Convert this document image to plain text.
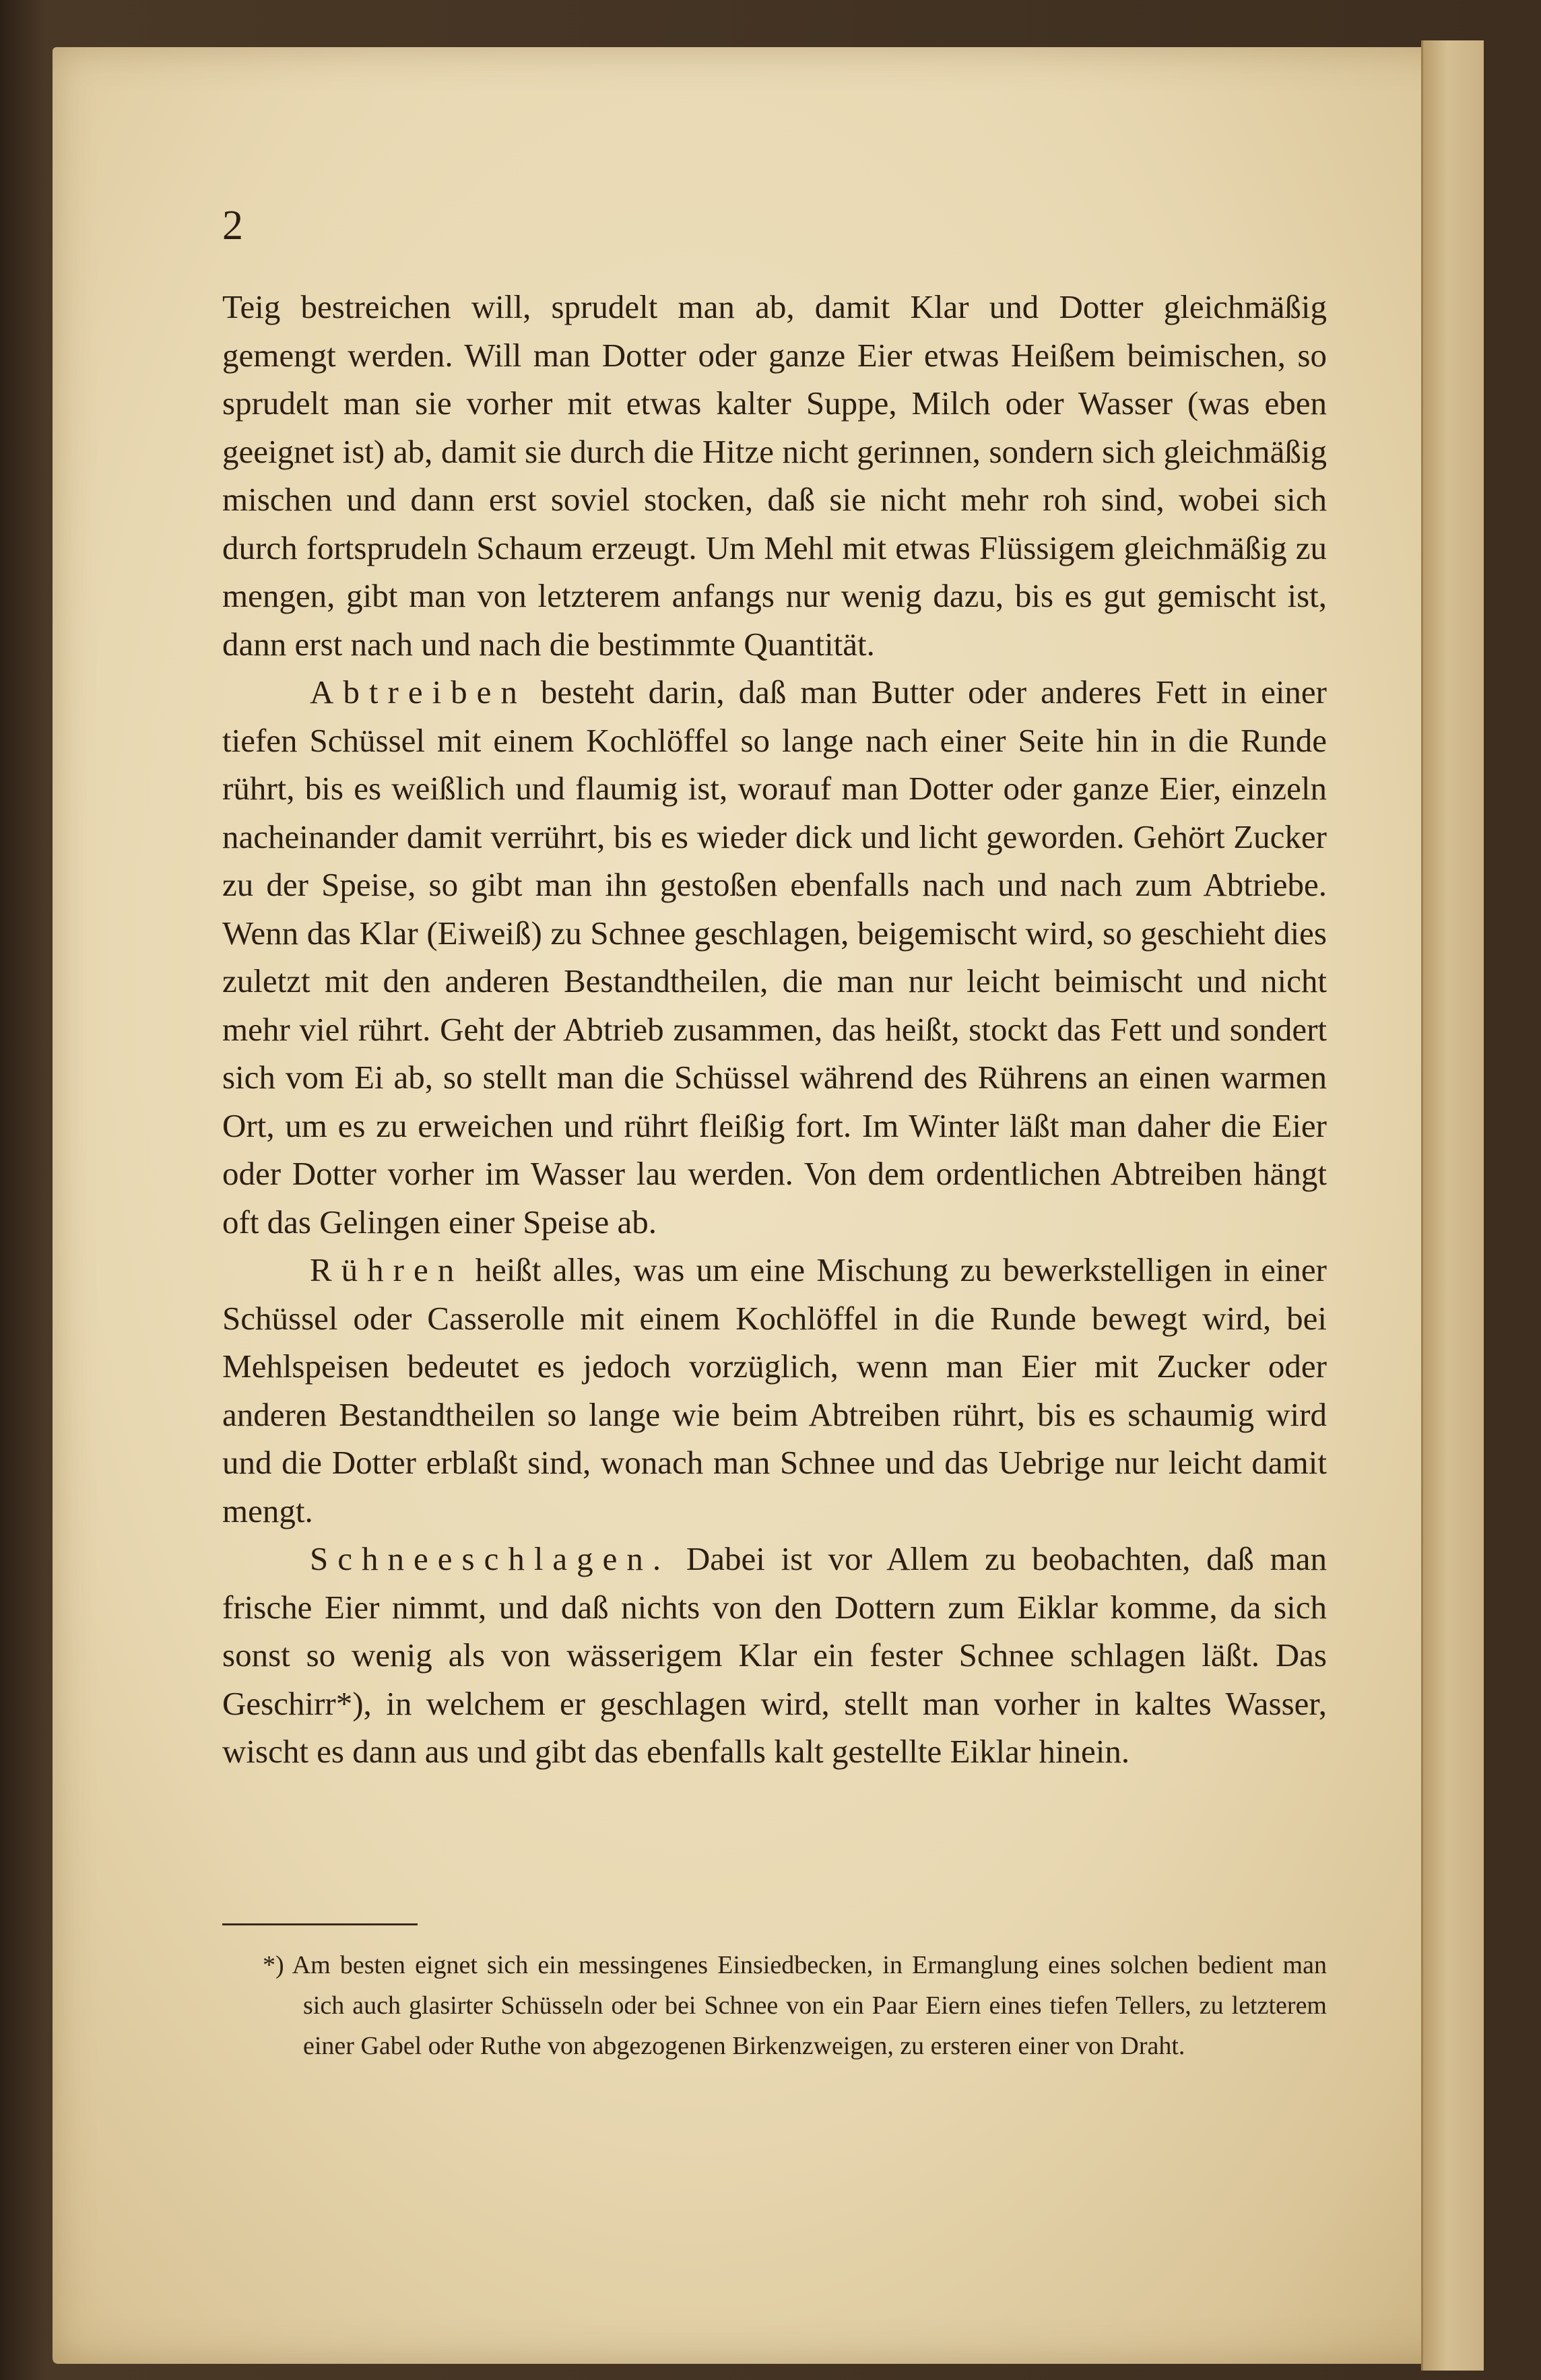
2

Teig bestreichen will, sprudelt man ab, damit Klar und Dotter gleichmäßig gemengt werden. Will man Dotter oder ganze Eier etwas Heißem beimischen, so sprudelt man sie vorher mit etwas kalter Suppe, Milch oder Wasser (was eben geeignet ist) ab, damit sie durch die Hitze nicht gerinnen, sondern sich gleichmäßig mischen und dann erst soviel stocken, daß sie nicht mehr roh sind, wobei sich durch fortsprudeln Schaum erzeugt. Um Mehl mit etwas Flüssigem gleichmäßig zu mengen, gibt man von letzterem anfangs nur wenig dazu, bis es gut gemischt ist, dann erst nach und nach die bestimmte Quantität.

Abtreiben besteht darin, daß man Butter oder anderes Fett in einer tiefen Schüssel mit einem Kochlöffel so lange nach einer Seite hin in die Runde rührt, bis es weißlich und flaumig ist, worauf man Dotter oder ganze Eier, einzeln nacheinander damit verrührt, bis es wieder dick und licht geworden. Gehört Zucker zu der Speise, so gibt man ihn gestoßen ebenfalls nach und nach zum Abtriebe. Wenn das Klar (Eiweiß) zu Schnee geschlagen, beigemischt wird, so geschieht dies zuletzt mit den anderen Bestandtheilen, die man nur leicht beimischt und nicht mehr viel rührt. Geht der Abtrieb zusammen, das heißt, stockt das Fett und sondert sich vom Ei ab, so stellt man die Schüssel während des Rührens an einen warmen Ort, um es zu erweichen und rührt fleißig fort. Im Winter läßt man daher die Eier oder Dotter vorher im Wasser lau werden. Von dem ordentlichen Abtreiben hängt oft das Gelingen einer Speise ab.

Rühren heißt alles, was um eine Mischung zu bewerkstelligen in einer Schüssel oder Casserolle mit einem Kochlöffel in die Runde bewegt wird, bei Mehlspeisen bedeutet es jedoch vorzüglich, wenn man Eier mit Zucker oder anderen Bestandtheilen so lange wie beim Abtreiben rührt, bis es schaumig wird und die Dotter erblaßt sind, wonach man Schnee und das Uebrige nur leicht damit mengt.

Schneeschlagen. Dabei ist vor Allem zu beobachten, daß man frische Eier nimmt, und daß nichts von den Dottern zum Eiklar komme, da sich sonst so wenig als von wässerigem Klar ein fester Schnee schlagen läßt. Das Geschirr*), in welchem er geschlagen wird, stellt man vorher in kaltes Wasser, wischt es dann aus und gibt das ebenfalls kalt gestellte Eiklar hinein.

*) Am besten eignet sich ein messingenes Einsiedbecken, in Ermanglung eines solchen bedient man sich auch glasirter Schüsseln oder bei Schnee von ein Paar Eiern eines tiefen Tellers, zu letzterem einer Gabel oder Ruthe von abgezogenen Birkenzweigen, zu ersteren einer von Draht.
